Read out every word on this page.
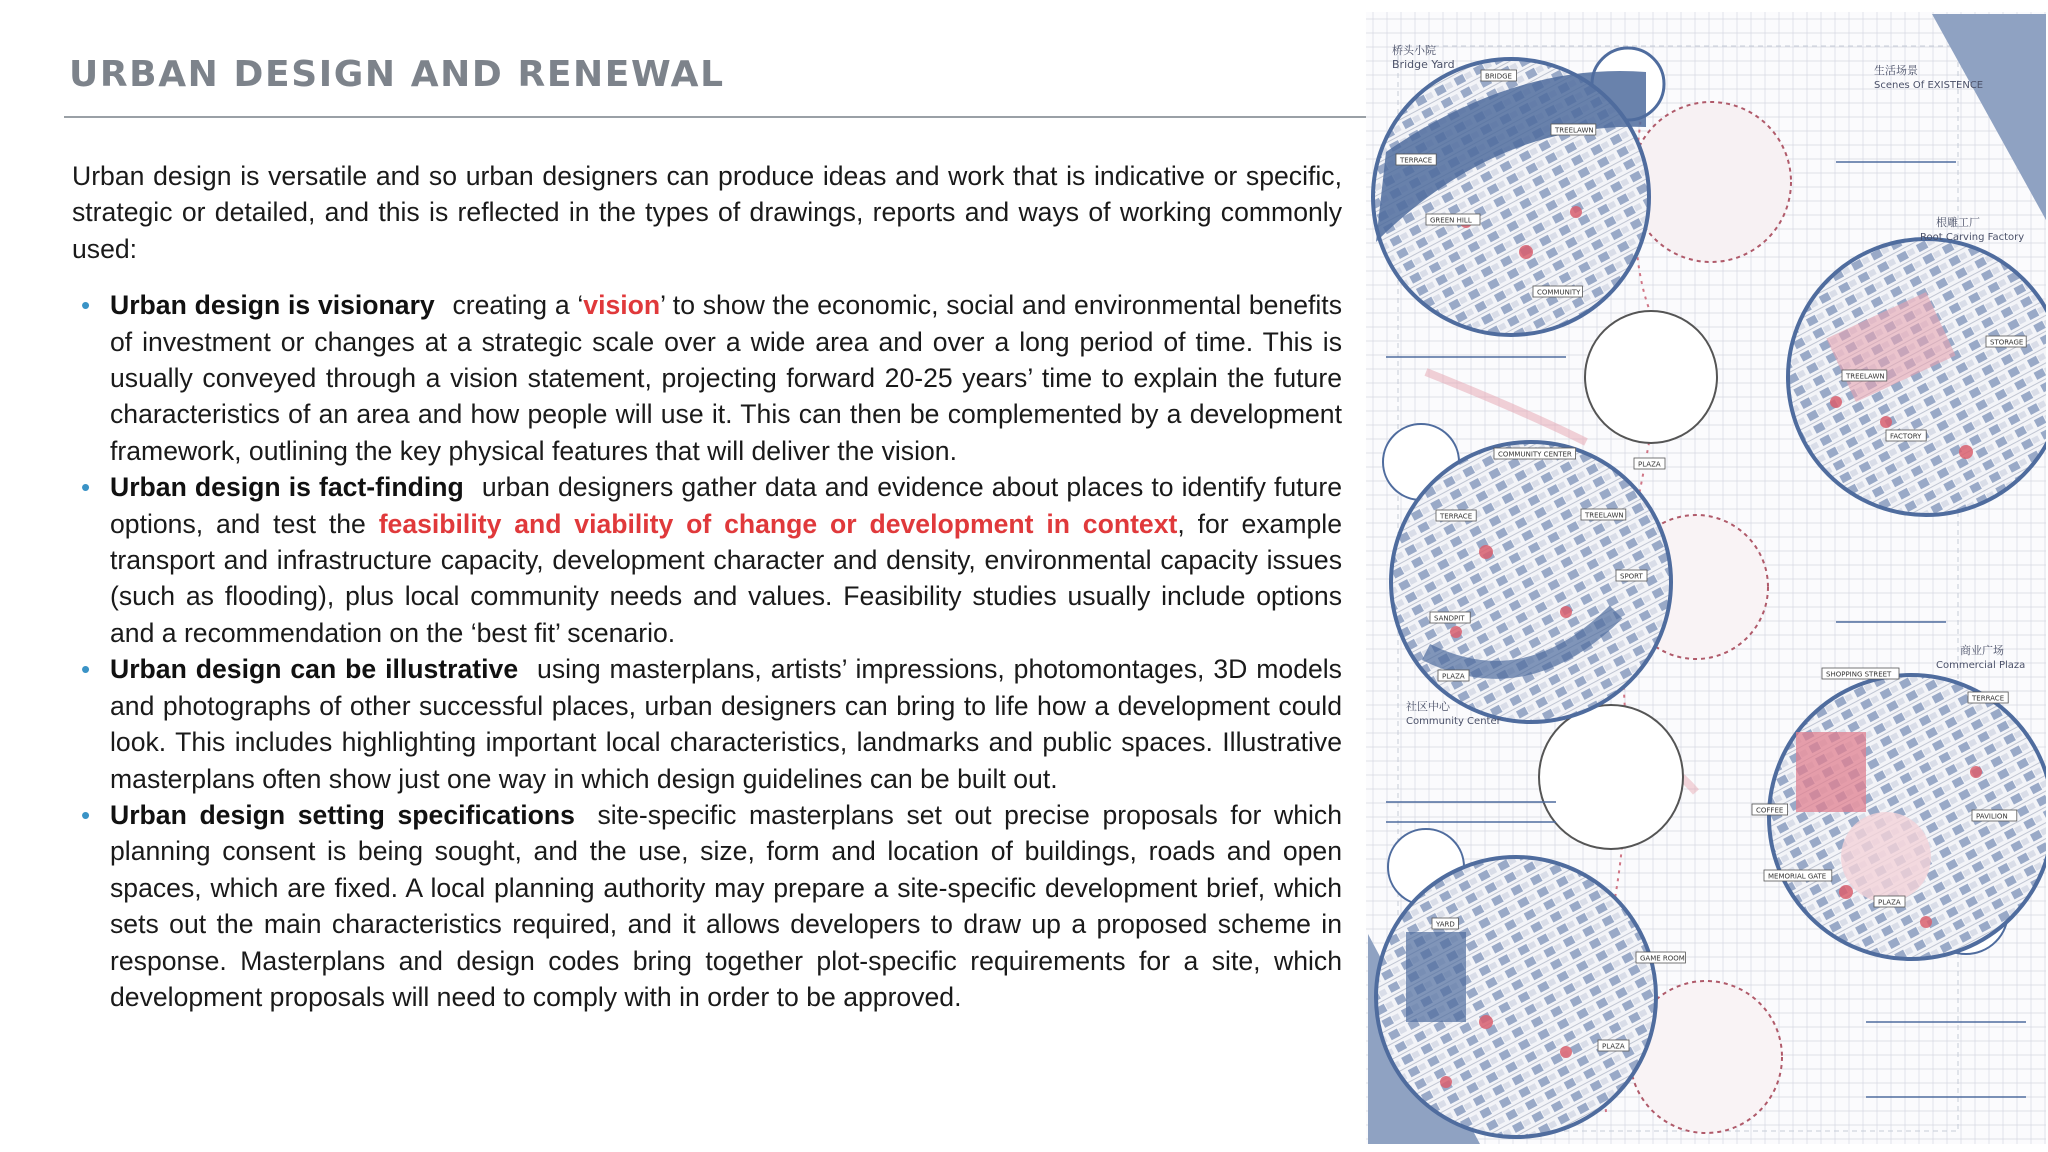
URBAN DESIGN AND RENEWAL

Urban design is versatile and so urban designers can produce ideas and work that is indicative or specific, strategic or detailed, and this is reflected in the types of drawings, reports and ways of working commonly used:

• Urban design is visionary creating a ‘vision’ to show the economic, social and environmental benefits of investment or changes at a strategic scale over a wide area and over a long period of time. This is usually conveyed through a vision statement, projecting forward 20-25 years’ time to explain the future characteristics of an area and how people will use it. This can then be complemented by a development framework, outlining the key physical features that will deliver the vision.
• Urban design is fact-finding urban designers gather data and evidence about places to identify future options, and test the feasibility and viability of change or development in context, for example transport and infrastructure capacity, development character and density, environmental capacity issues (such as flooding), plus local community needs and values. Feasibility studies usually include options and a recommendation on the ‘best fit’ scenario.
• Urban design can be illustrative using masterplans, artists’ impressions, photomontages, 3D models and photographs of other successful places, urban designers can bring to life how a development could look. This includes highlighting important local characteristics, landmarks and public spaces. Illustrative masterplans often show just one way in which design guidelines can be built out.
• Urban design setting specifications site-specific masterplans set out precise proposals for which planning consent is being sought, and the use, size, form and location of buildings, roads and open spaces, which are fixed. A local planning authority may prepare a site-specific development brief, which sets out the main characteristics required, and it allows developers to draw up a proposed scheme in response. Masterplans and design codes bring together plot-specific requirements for a site, which development proposals will need to comply with in order to be approved.
桥头小院
Bridge Yard	生活场景
Scenes Of EXISTENCE
根雕工厂
Root Carving Factory
社区中心
Community Center
商业广场
Commercial Plaza
BRIDGE
TREELAWN
TERRACE
GREEN HILL
COMMUNITY
STORAGE
TREELAWN
FACTORY
PLAZA
COMMUNITY CENTER
TREELAWN
TERRACE
SPORT
SANDPIT
PLAZA	SHOPPING STREET
TERRACE
COFFEE
PAVILION
PLAZA
MEMORIAL GATE
YARD
GAME ROOM
PLAZA
